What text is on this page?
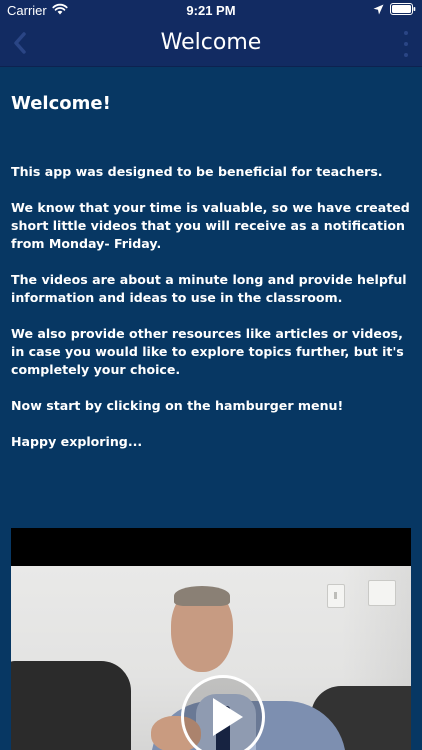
Carrier	9:21 PM
Welcome
Welcome!

This app was designed to be beneficial for teachers.

We know that your time is valuable, so we have created short little videos that you will receive as a notification from Monday- Friday.

The videos are about a minute long and provide helpful information and ideas to use in the classroom.

We also provide other resources like articles or videos, in case you would like to explore topics further, but it's completely your choice.

Now start by clicking on the hamburger menu!

Happy exploring...
